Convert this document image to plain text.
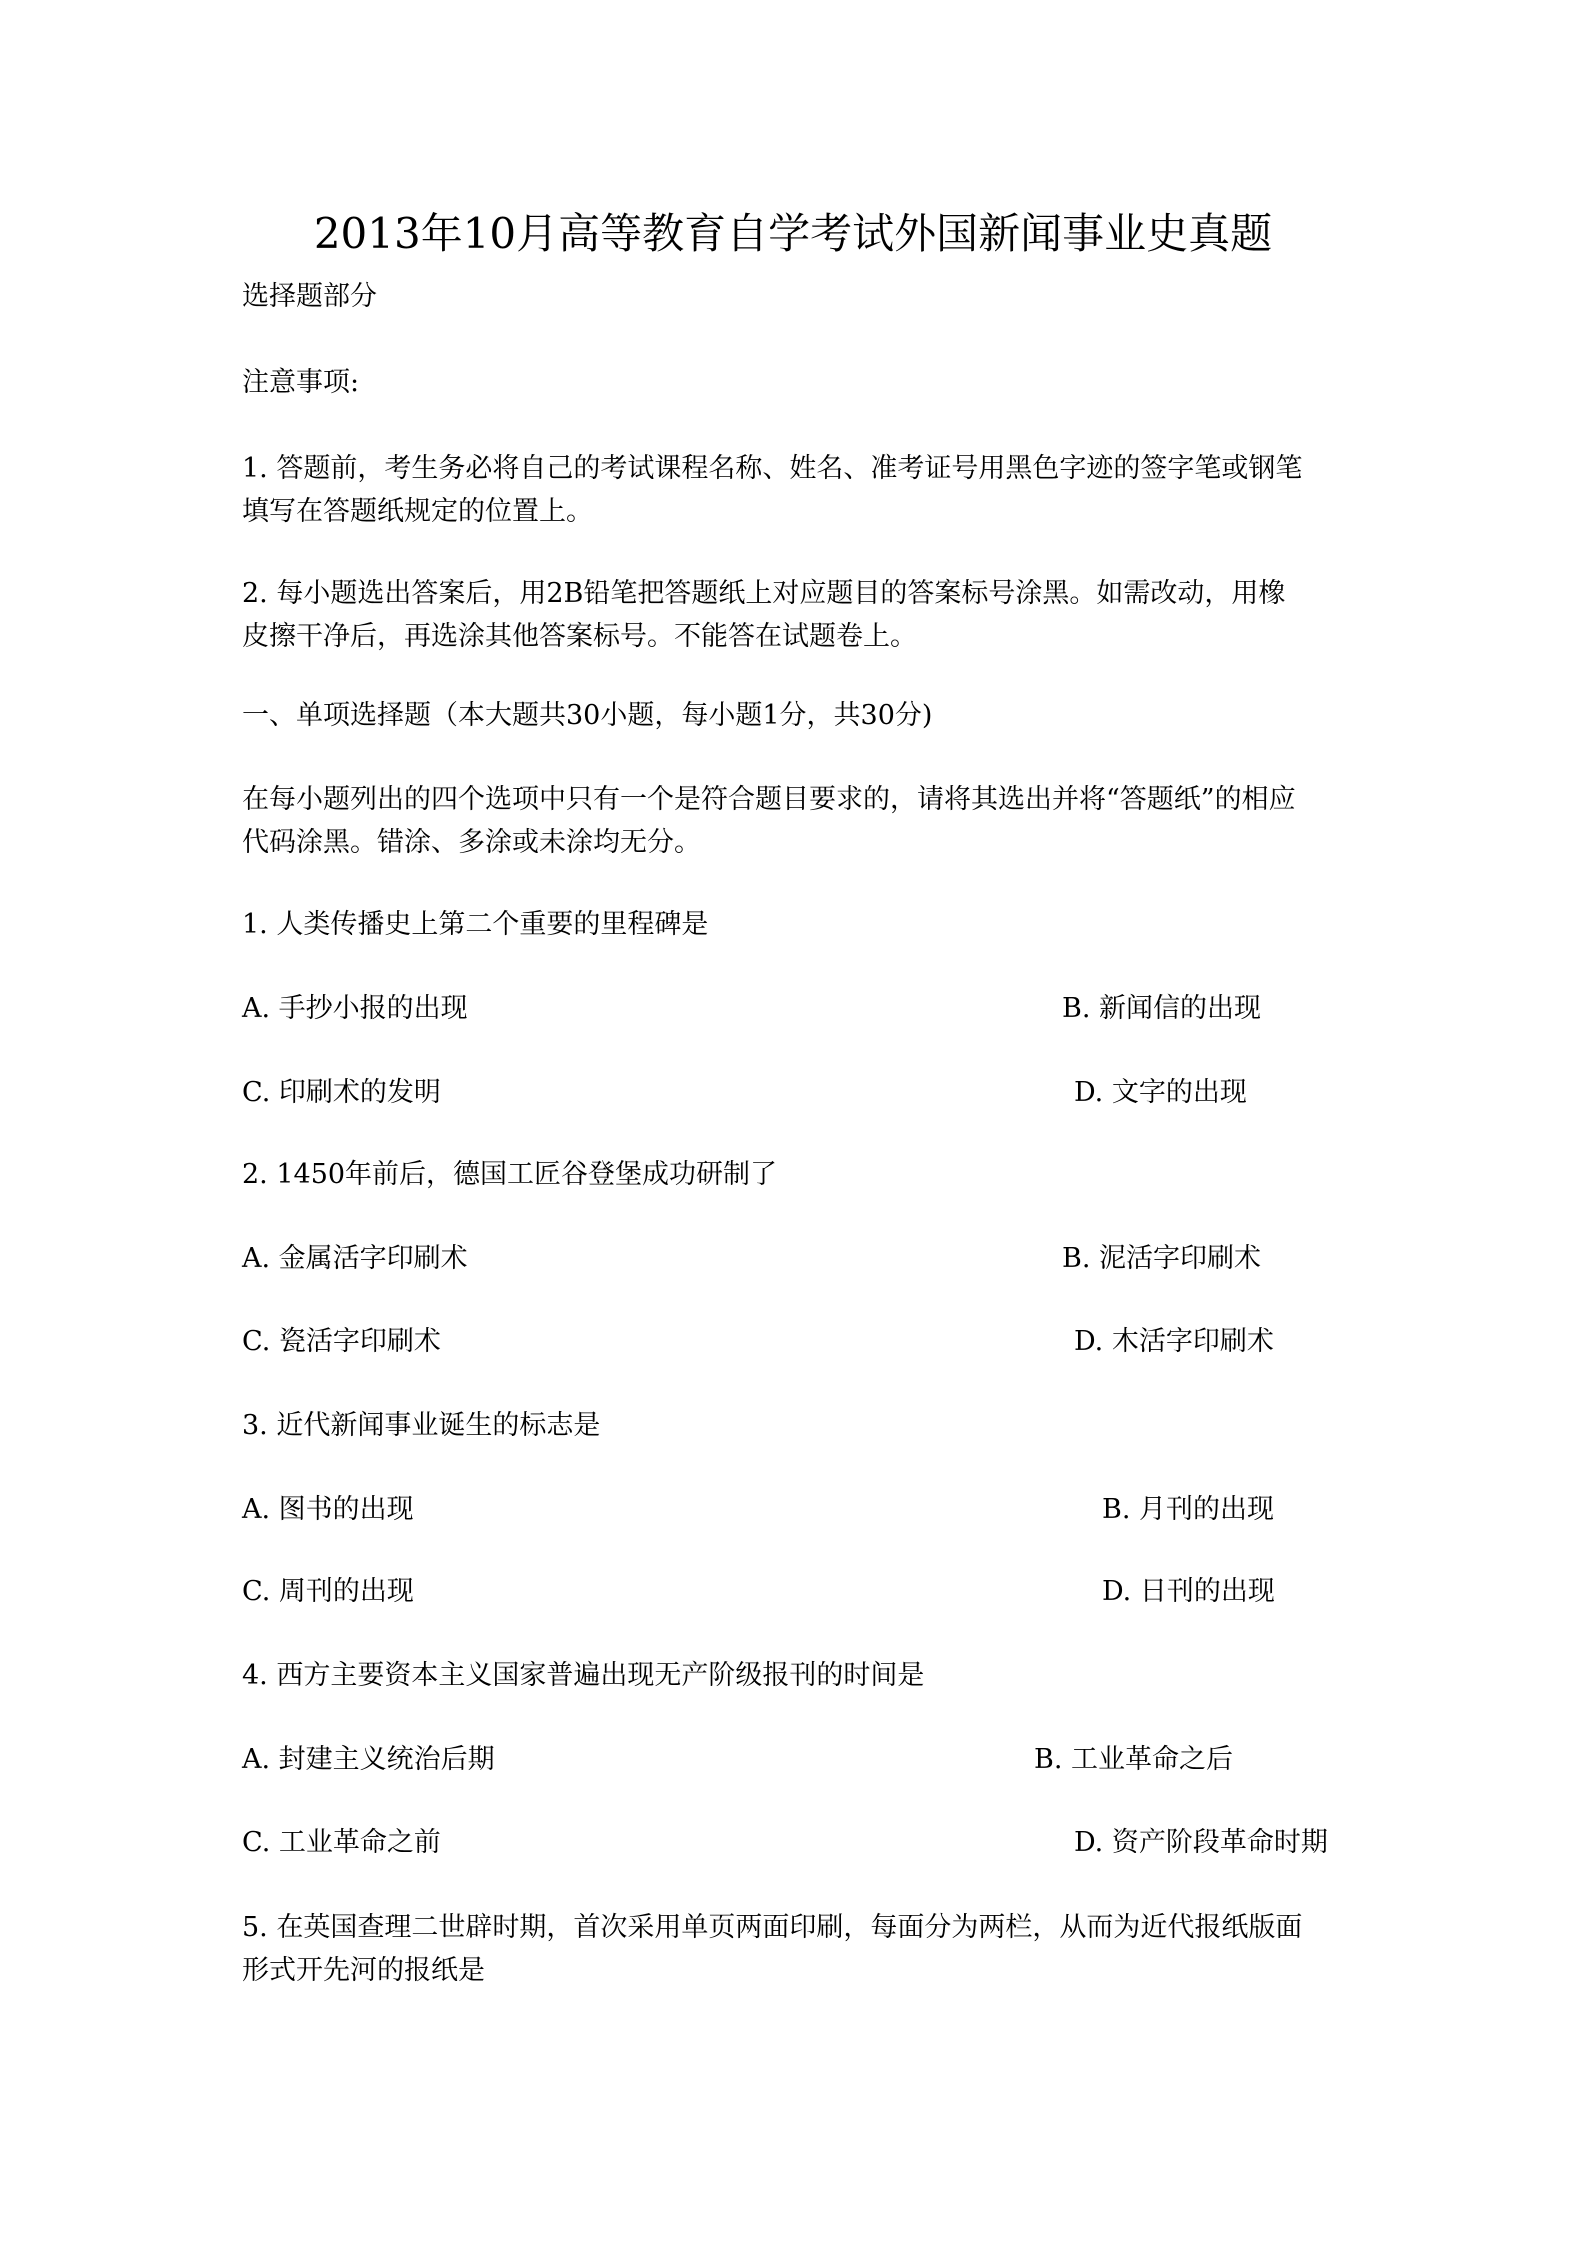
2013年10月高等教育自学考试外国新闻事业史真题
选择题部分
注意事项:
1. 答题前，考生务必将自己的考试课程名称、姓名、准考证号用黑色字迹的签字笔或钢笔
填写在答题纸规定的位置上。
2. 每小题选出答案后，用2B铅笔把答题纸上对应题目的答案标号涂黑。如需改动，用橡
皮擦干净后，再选涂其他答案标号。不能答在试题卷上。
一、单项选择题（本大题共30小题，每小题1分，共30分)
在每小题列出的四个选项中只有一个是符合题目要求的，请将其选出并将“答题纸”的相应
代码涂黑。错涂、多涂或未涂均无分。
1. 人类传播史上第二个重要的里程碑是
A. 手抄小报的出现	B. 新闻信的出现
C. 印刷术的发明	D. 文字的出现
2. 1450年前后，德国工匠谷登堡成功研制了
A. 金属活字印刷术	B. 泥活字印刷术
C. 瓷活字印刷术	D. 木活字印刷术
3. 近代新闻事业诞生的标志是
A. 图书的出现	B. 月刊的出现
C. 周刊的出现	D. 日刊的出现
4. 西方主要资本主义国家普遍出现无产阶级报刊的时间是
A. 封建主义统治后期	B. 工业革命之后
C. 工业革命之前	D. 资产阶段革命时期
5. 在英国查理二世辟时期，首次采用单页两面印刷，每面分为两栏，从而为近代报纸版面
形式开先河的报纸是
